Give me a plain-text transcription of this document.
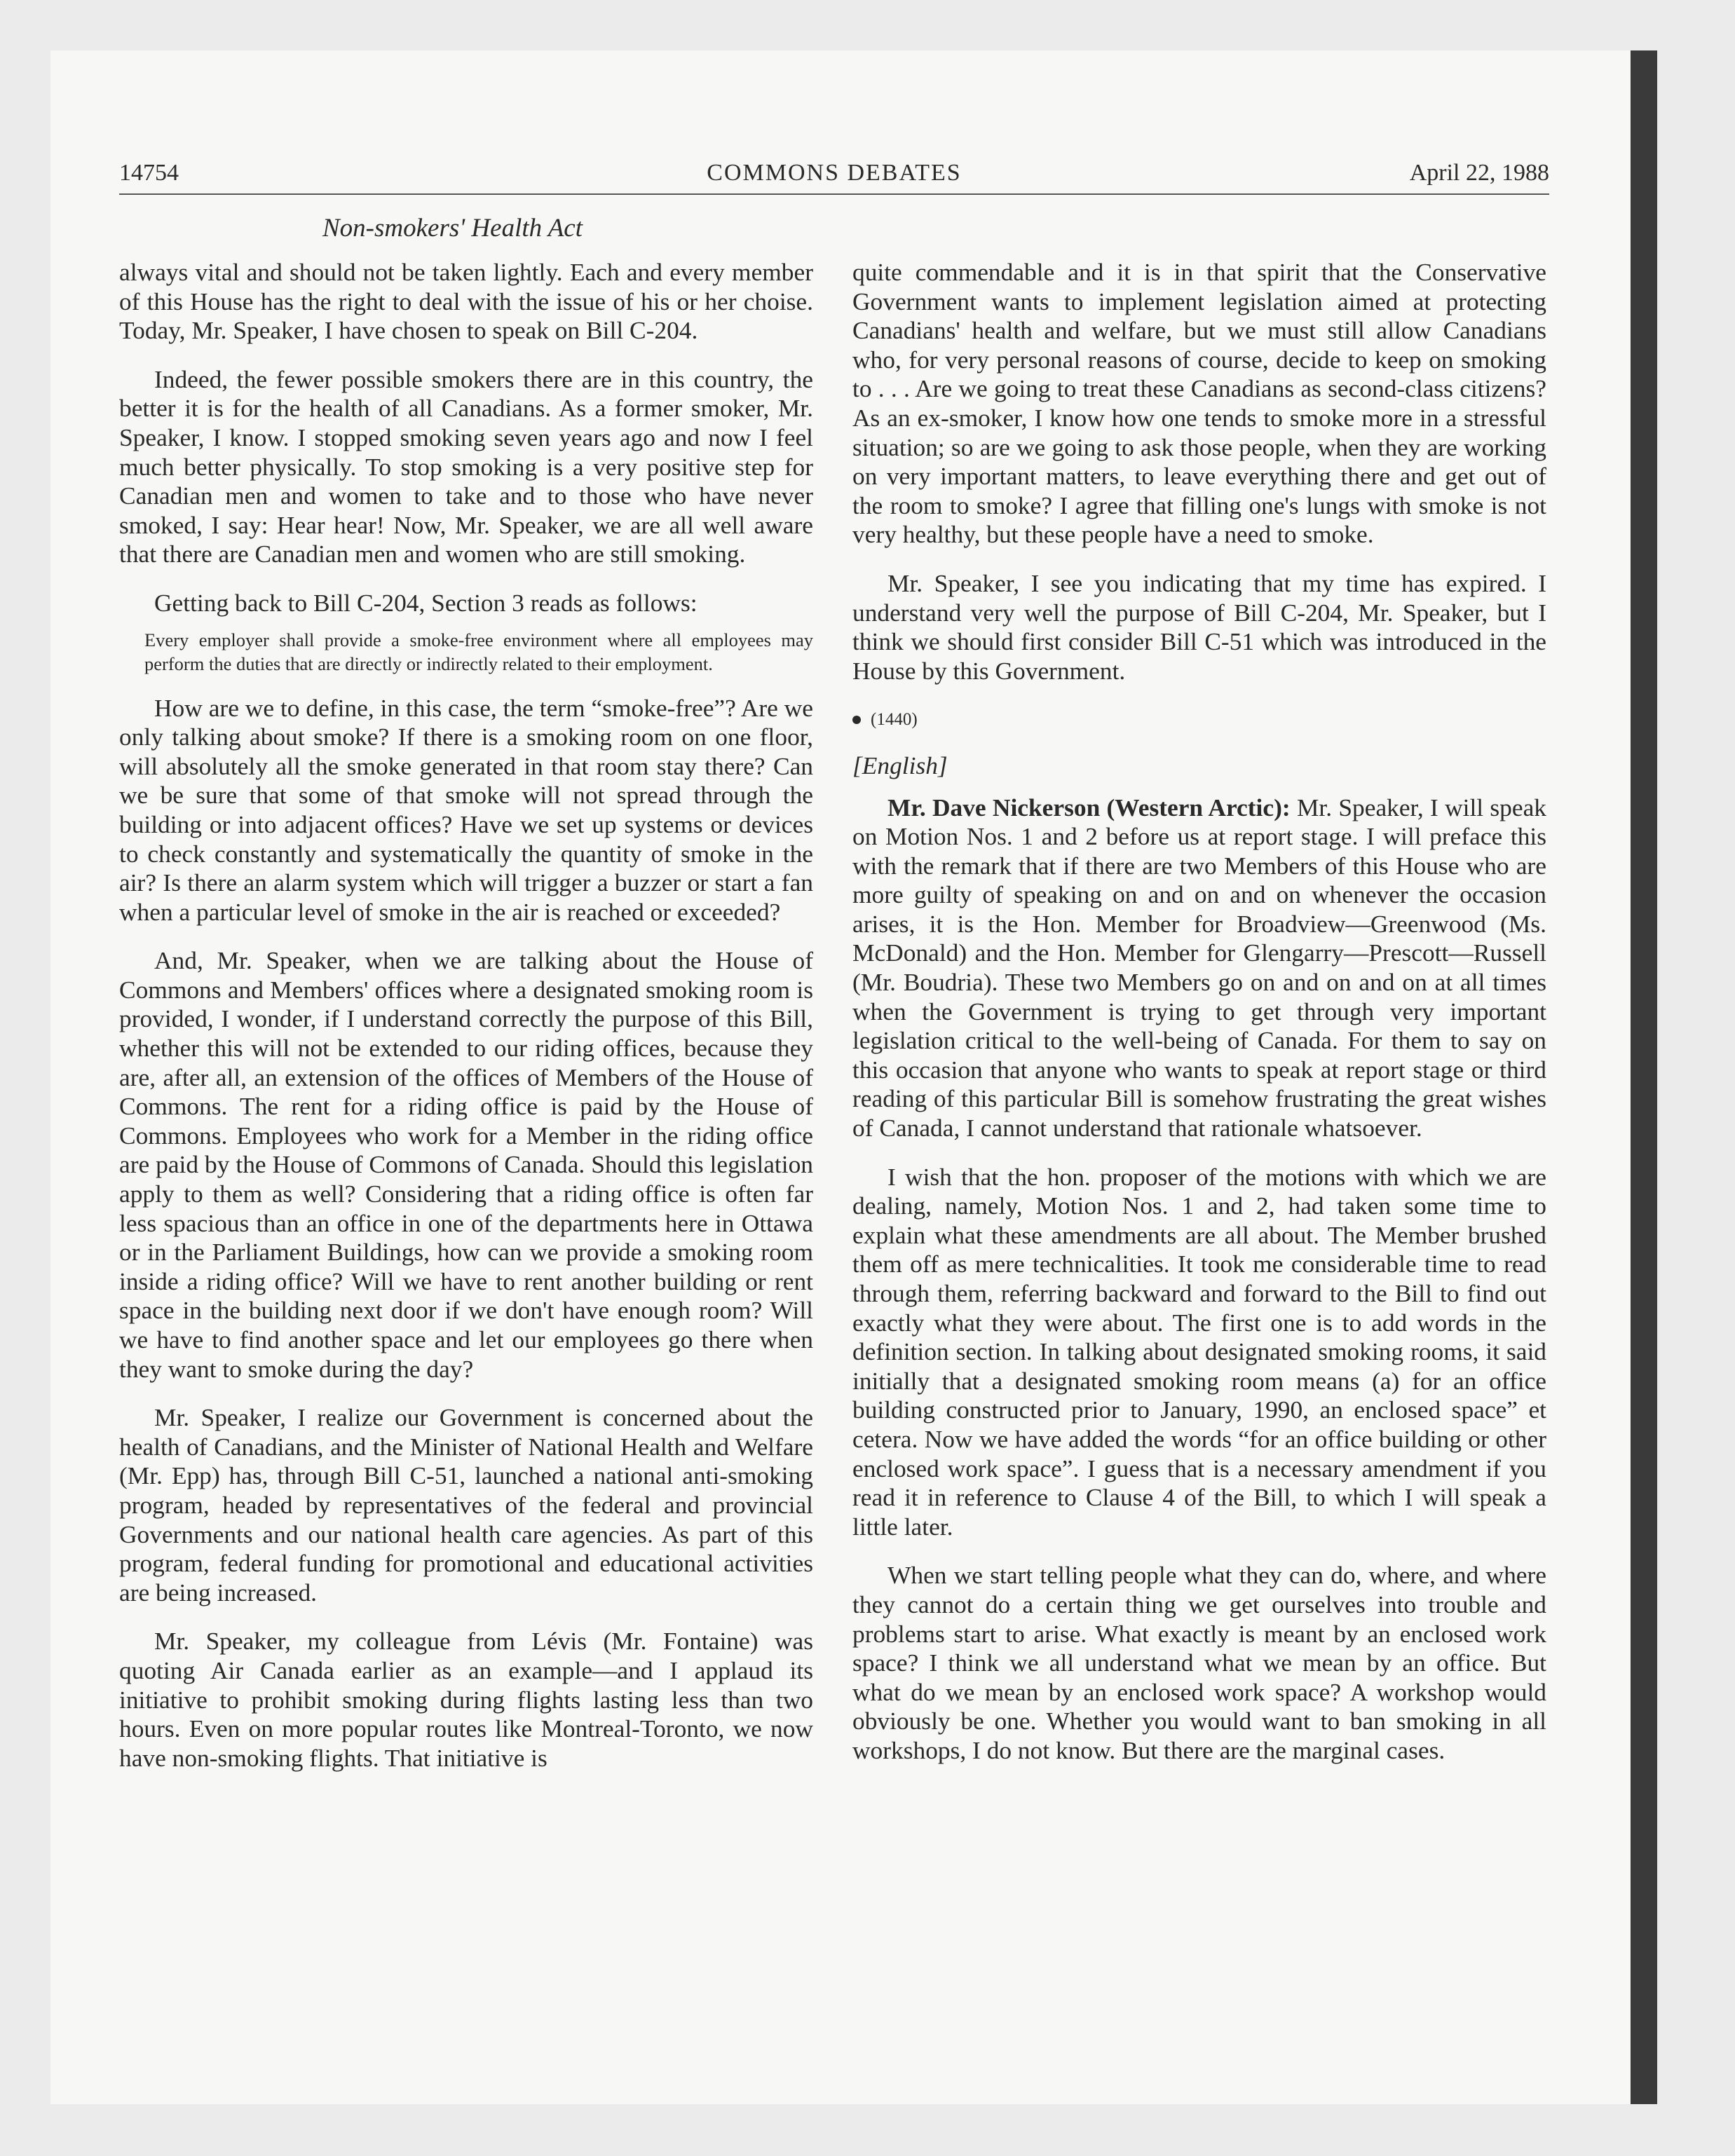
14754	COMMONS DEBATES	April 22, 1988
Non-smokers' Health Act

always vital and should not be taken lightly. Each and every member of this House has the right to deal with the issue of his or her choise. Today, Mr. Speaker, I have chosen to speak on Bill C-204.

Indeed, the fewer possible smokers there are in this country, the better it is for the health of all Canadians. As a former smoker, Mr. Speaker, I know. I stopped smoking seven years ago and now I feel much better physically. To stop smoking is a very positive step for Canadian men and women to take and to those who have never smoked, I say: Hear hear! Now, Mr. Speaker, we are all well aware that there are Canadian men and women who are still smoking.

Getting back to Bill C-204, Section 3 reads as follows:

Every employer shall provide a smoke-free environment where all employees may perform the duties that are directly or indirectly related to their employment.

How are we to define, in this case, the term “smoke-free”? Are we only talking about smoke? If there is a smoking room on one floor, will absolutely all the smoke generated in that room stay there? Can we be sure that some of that smoke will not spread through the building or into adjacent offices? Have we set up systems or devices to check constantly and systematically the quantity of smoke in the air? Is there an alarm system which will trigger a buzzer or start a fan when a particular level of smoke in the air is reached or exceeded?

And, Mr. Speaker, when we are talking about the House of Commons and Members' offices where a designated smoking room is provided, I wonder, if I understand correctly the purpose of this Bill, whether this will not be extended to our riding offices, because they are, after all, an extension of the offices of Members of the House of Commons. The rent for a riding office is paid by the House of Commons. Employees who work for a Member in the riding office are paid by the House of Commons of Canada. Should this legislation apply to them as well? Considering that a riding office is often far less spacious than an office in one of the departments here in Ottawa or in the Parliament Buildings, how can we provide a smoking room inside a riding office? Will we have to rent another building or rent space in the building next door if we don't have enough room? Will we have to find another space and let our employees go there when they want to smoke during the day?

Mr. Speaker, I realize our Government is concerned about the health of Canadians, and the Minister of National Health and Welfare (Mr. Epp) has, through Bill C-51, launched a national anti-smoking program, headed by representatives of the federal and provincial Governments and our national health care agencies. As part of this program, federal funding for promotional and educational activities are being increased.

Mr. Speaker, my colleague from Lévis (Mr. Fontaine) was quoting Air Canada earlier as an example—and I applaud its initiative to prohibit smoking during flights lasting less than two hours. Even on more popular routes like Montreal-Toronto, we now have non-smoking flights. That initiative is

quite commendable and it is in that spirit that the Conservative Government wants to implement legislation aimed at protecting Canadians' health and welfare, but we must still allow Canadians who, for very personal reasons of course, decide to keep on smoking to . . . Are we going to treat these Canadians as second-class citizens? As an ex-smoker, I know how one tends to smoke more in a stressful situation; so are we going to ask those people, when they are working on very important matters, to leave everything there and get out of the room to smoke? I agree that filling one's lungs with smoke is not very healthy, but these people have a need to smoke.

Mr. Speaker, I see you indicating that my time has expired. I understand very well the purpose of Bill C-204, Mr. Speaker, but I think we should first consider Bill C-51 which was introduced in the House by this Government.

(1440)
[English]

Mr. Dave Nickerson (Western Arctic): Mr. Speaker, I will speak on Motion Nos. 1 and 2 before us at report stage. I will preface this with the remark that if there are two Members of this House who are more guilty of speaking on and on and on whenever the occasion arises, it is the Hon. Member for Broadview—Greenwood (Ms. McDonald) and the Hon. Member for Glengarry—Prescott—Russell (Mr. Boudria). These two Members go on and on and on at all times when the Government is trying to get through very important legislation critical to the well-being of Canada. For them to say on this occasion that anyone who wants to speak at report stage or third reading of this particular Bill is somehow frustrating the great wishes of Canada, I cannot understand that rationale whatsoever.

I wish that the hon. proposer of the motions with which we are dealing, namely, Motion Nos. 1 and 2, had taken some time to explain what these amendments are all about. The Member brushed them off as mere technicalities. It took me considerable time to read through them, referring backward and forward to the Bill to find out exactly what they were about. The first one is to add words in the definition section. In talking about designated smoking rooms, it said initially that a designated smoking room means (a) for an office building constructed prior to January, 1990, an enclosed space” et cetera. Now we have added the words “for an office building or other enclosed work space”. I guess that is a necessary amendment if you read it in reference to Clause 4 of the Bill, to which I will speak a little later.

When we start telling people what they can do, where, and where they cannot do a certain thing we get ourselves into trouble and problems start to arise. What exactly is meant by an enclosed work space? I think we all understand what we mean by an office. But what do we mean by an enclosed work space? A workshop would obviously be one. Whether you would want to ban smoking in all workshops, I do not know. But there are the marginal cases.
